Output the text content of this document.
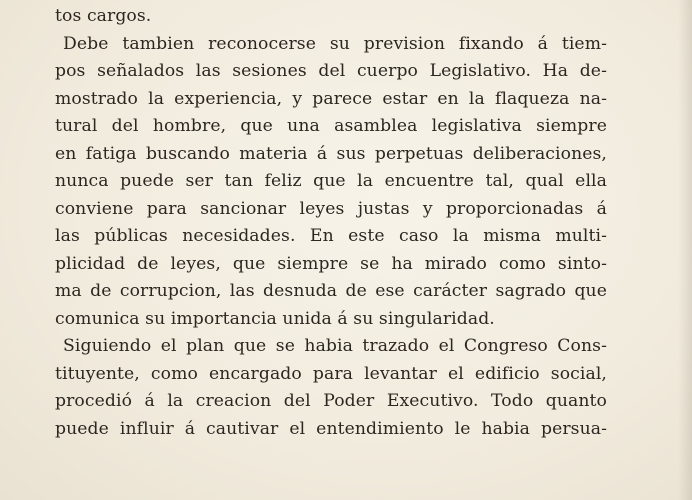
tos cargos.
Debe tambien reconocerse su prevision fixando á tiem-
pos señalados las sesiones del cuerpo Legislativo. Ha de-
mostrado la experiencia, y parece estar en la flaqueza na-
tural del hombre, que una asamblea legislativa siempre
en fatiga buscando materia á sus perpetuas deliberaciones,
nunca puede ser tan feliz que la encuentre tal, qual ella
conviene para sancionar leyes justas y proporcionadas á
las públicas necesidades. En este caso la misma multi-
plicidad de leyes, que siempre se ha mirado como sinto-
ma de corrupcion, las desnuda de ese carácter sagrado que
comunica su importancia unida á su singularidad.
Siguiendo el plan que se habia trazado el Congreso Cons-
tituyente, como encargado para levantar el edificio social,
procedió á la creacion del Poder Executivo. Todo quanto
puede influir á cautivar el entendimiento le habia persua-
